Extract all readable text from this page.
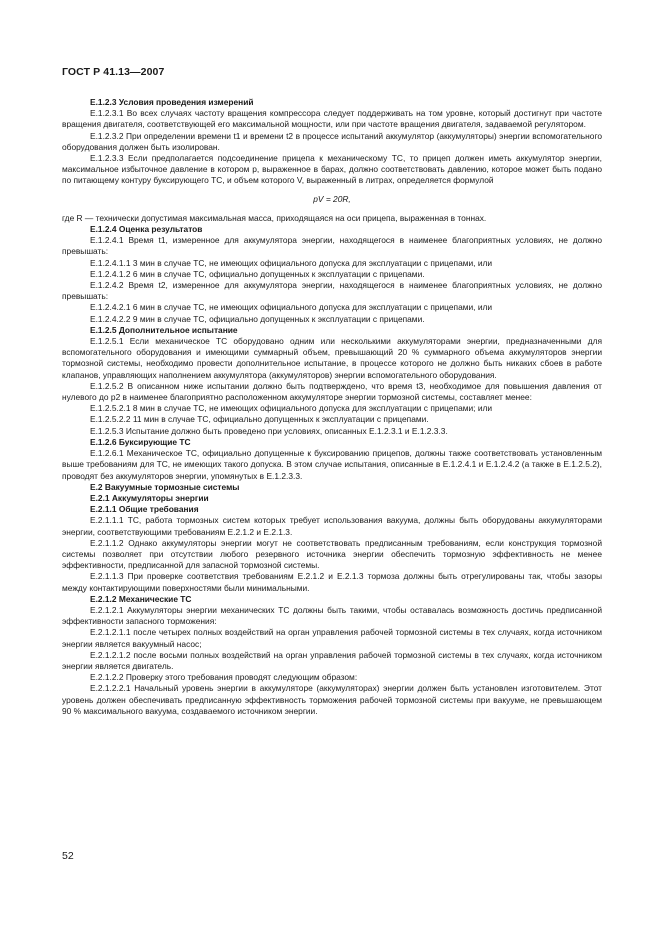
ГОСТ Р 41.13—2007

E.1.2.3 Условия проведения измерений

E.1.2.3.1 Во всех случаях частоту вращения компрессора следует поддерживать на том уровне, который достигнут при частоте вращения двигателя, соответствующей его максимальной мощности, или при частоте вращения двигателя, задаваемой регулятором.

E.1.2.3.2 При определении времени t1 и времени t2 в процессе испытаний аккумулятор (аккумуляторы) энергии вспомогательного оборудования должен быть изолирован.

E.1.2.3.3 Если предполагается подсоединение прицепа к механическому ТС, то прицеп должен иметь аккумулятор энергии, максимальное избыточное давление в котором p, выраженное в барах, должно соответствовать давлению, которое может быть подано по питающему контуру буксирующего ТС, и объем которого V, выраженный в литрах, определяется формулой

pV = 20R,

где R — технически допустимая максимальная масса, приходящаяся на оси прицепа, выраженная в тоннах.

E.1.2.4 Оценка результатов

E.1.2.4.1 Время t1, измеренное для аккумулятора энергии, находящегося в наименее благоприятных условиях, не должно превышать:

E.1.2.4.1.1 3 мин в случае ТС, не имеющих официального допуска для эксплуатации с прицепами, или

E.1.2.4.1.2 6 мин в случае ТС, официально допущенных к эксплуатации с прицепами.

E.1.2.4.2 Время t2, измеренное для аккумулятора энергии, находящегося в наименее благоприятных условиях, не должно превышать:

E.1.2.4.2.1 6 мин в случае ТС, не имеющих официального допуска для эксплуатации с прицепами, или

E.1.2.4.2.2 9 мин в случае ТС, официально допущенных к эксплуатации с прицепами.

E.1.2.5 Дополнительное испытание

E.1.2.5.1 Если механическое ТС оборудовано одним или несколькими аккумуляторами энергии, предназначенными для вспомогательного оборудования и имеющими суммарный объем, превышающий 20 % суммарного объема аккумуляторов энергии тормозной системы, необходимо провести дополнительное испытание, в процессе которого не должно быть никаких сбоев в работе клапанов, управляющих наполнением аккумулятора (аккумуляторов) энергии вспомогательного оборудования.

E.1.2.5.2 В описанном ниже испытании должно быть подтверждено, что время t3, необходимое для повышения давления от нулевого до p2 в наименее благоприятно расположенном аккумуляторе энергии тормозной системы, составляет менее:

E.1.2.5.2.1 8 мин в случае ТС, не имеющих официального допуска для эксплуатации с прицепами; или

E.1.2.5.2.2 11 мин в случае ТС, официально допущенных к эксплуатации с прицепами.

E.1.2.5.3 Испытание должно быть проведено при условиях, описанных E.1.2.3.1 и E.1.2.3.3.

E.1.2.6 Буксирующие ТС

E.1.2.6.1 Механическое ТС, официально допущенные к буксированию прицепов, должны также соответствовать установленным выше требованиям для ТС, не имеющих такого допуска. В этом случае испытания, описанные в E.1.2.4.1 и E.1.2.4.2 (а также в E.1.2.5.2), проводят без аккумуляторов энергии, упомянутых в E.1.2.3.3.

E.2 Вакуумные тормозные системы

E.2.1 Аккумуляторы энергии

E.2.1.1 Общие требования

E.2.1.1.1 ТС, работа тормозных систем которых требует использования вакуума, должны быть оборудованы аккумуляторами энергии, соответствующими требованиям E.2.1.2 и E.2.1.3.

E.2.1.1.2 Однако аккумуляторы энергии могут не соответствовать предписанным требованиям, если конструкция тормозной системы позволяет при отсутствии любого резервного источника энергии обеспечить тормозную эффективность не менее эффективности, предписанной для запасной тормозной системы.

E.2.1.1.3 При проверке соответствия требованиям E.2.1.2 и E.2.1.3 тормоза должны быть отрегулированы так, чтобы зазоры между контактирующими поверхностями были минимальными.

E.2.1.2 Механические ТС

E.2.1.2.1 Аккумуляторы энергии механических ТС должны быть такими, чтобы оставалась возможность достичь предписанной эффективности запасного торможения:

E.2.1.2.1.1 после четырех полных воздействий на орган управления рабочей тормозной системы в тех случаях, когда источником энергии является вакуумный насос;

E.2.1.2.1.2 после восьми полных воздействий на орган управления рабочей тормозной системы в тех случаях, когда источником энергии является двигатель.

E.2.1.2.2 Проверку этого требования проводят следующим образом:

E.2.1.2.2.1 Начальный уровень энергии в аккумуляторе (аккумуляторах) энергии должен быть установлен изготовителем. Этот уровень должен обеспечивать предписанную эффективность торможения рабочей тормозной системы при вакууме, не превышающем 90 % максимального вакуума, создаваемого источником энергии.

52
